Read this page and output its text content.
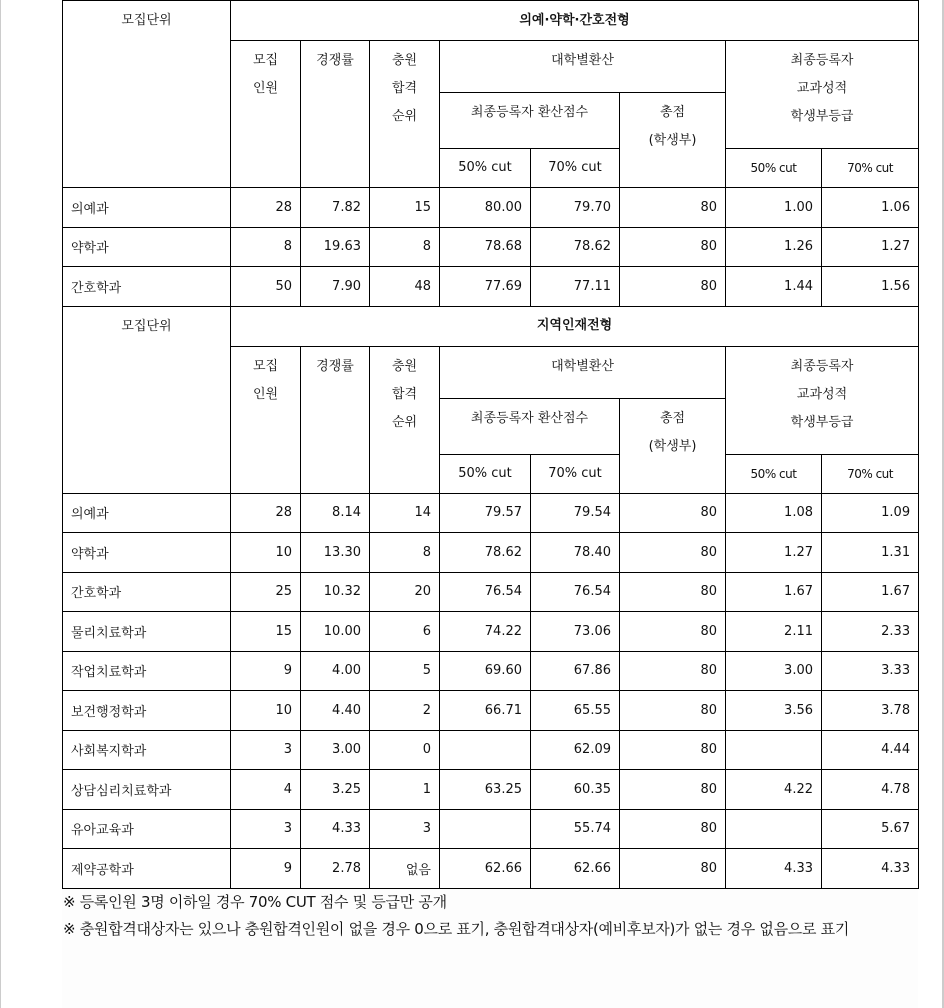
모집단위	의예·약학·간호전형							
	모집
인원	경쟁률	충원
합격
순위	대학별환산			최종등록자
교과성적
학생부등급	
				최종등록자 환산점수		총점
(학생부)		
				50% cut	70% cut		50% cut	70% cut
의예과	28	7.82	15	80.00	79.70	80	1.00	1.06
약학과	8	19.63	8	78.68	78.62	80	1.26	1.27
간호학과	50	7.90	48	77.69	77.11	80	1.44	1.56
모집단위	지역인재전형							
	모집
인원	경쟁률	충원
합격
순위	대학별환산			최종등록자
교과성적
학생부등급	
				최종등록자 환산점수		총점
(학생부)		
				50% cut	70% cut		50% cut	70% cut
의예과	28	8.14	14	79.57	79.54	80	1.08	1.09
약학과	10	13.30	8	78.62	78.40	80	1.27	1.31
간호학과	25	10.32	20	76.54	76.54	80	1.67	1.67
물리치료학과	15	10.00	6	74.22	73.06	80	2.11	2.33
작업치료학과	9	4.00	5	69.60	67.86	80	3.00	3.33
보건행정학과	10	4.40	2	66.71	65.55	80	3.56	3.78
사회복지학과	3	3.00	0		62.09	80		4.44
상담심리치료학과	4	3.25	1	63.25	60.35	80	4.22	4.78
유아교육과	3	4.33	3		55.74	80		5.67
제약공학과	9	2.78	없음	62.66	62.66	80	4.33	4.33
※ 등록인원 3명 이하일 경우 70% CUT 점수 및 등급만 공개
※ 충원합격대상자는 있으나 충원합격인원이 없을 경우 0으로 표기, 충원합격대상자(예비후보자)가 없는 경우 없음으로 표기
